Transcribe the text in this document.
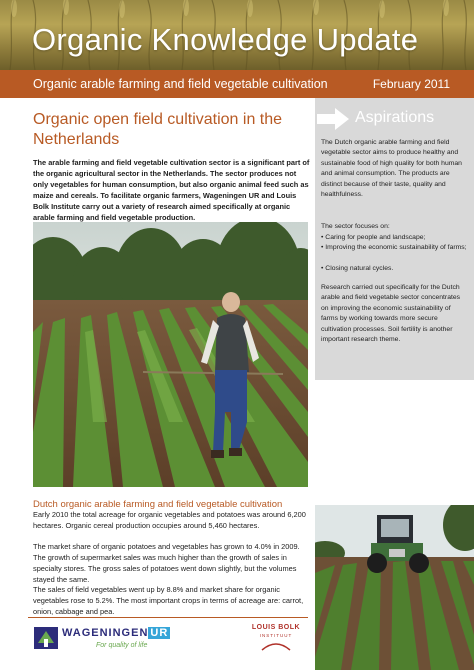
Organic Knowledge Update
Organic arable farming and field vegetable cultivation	February 2011
Organic open field cultivation in the Netherlands
The arable farming and field vegetable cultivation sector is a significant part of the organic agricultural sector in the Netherlands. The sector produces not only vegetables for human consumption, but also organic animal feed such as maize and cereals. To facilitate organic farmers, Wageningen UR and Louis Bolk Institute carry out a variety of research aimed specifically at organic arable farming and field vegetable production.
Dutch organic arable farming and field vegetable cultivation
Early 2010 the total acreage for organic vegetables and potatoes was around 6,200 hectares. Organic cereal production occupies around 5,460 hectares.
The market share of organic potatoes and vegetables has grown to 4.0% in 2009. The growth of supermarket sales was much higher than the growth of sales in specialty stores. The gross sales of potatoes went down slightly, but the volumes stayed the same.
The sales of field vegetables went up by 8.8% and market share for organic vegetables rose to 5.2%. The most important crops in terms of acreage are: carrot, onion, cabbage and pea.
Aspirations
The Dutch organic arable farming and field vegetable sector aims to produce healthy and sustainable food of high quality for both human and animal consumption. The products are distinct because of their taste, quality and healthfulness.
The sector focuses on:
• Caring for people and landscape;
• Improving the economic sustainability of farms;
• Closing natural cycles.
Research carried out specifically for the Dutch arable and field vegetable sector concentrates on improving the economic sustainability of farms by working towards more secure cultivation processes. Soil fertility is another important research theme.
WAGENINGEN UR
For quality of life
LOUIS BOLK
INSTITUUT
